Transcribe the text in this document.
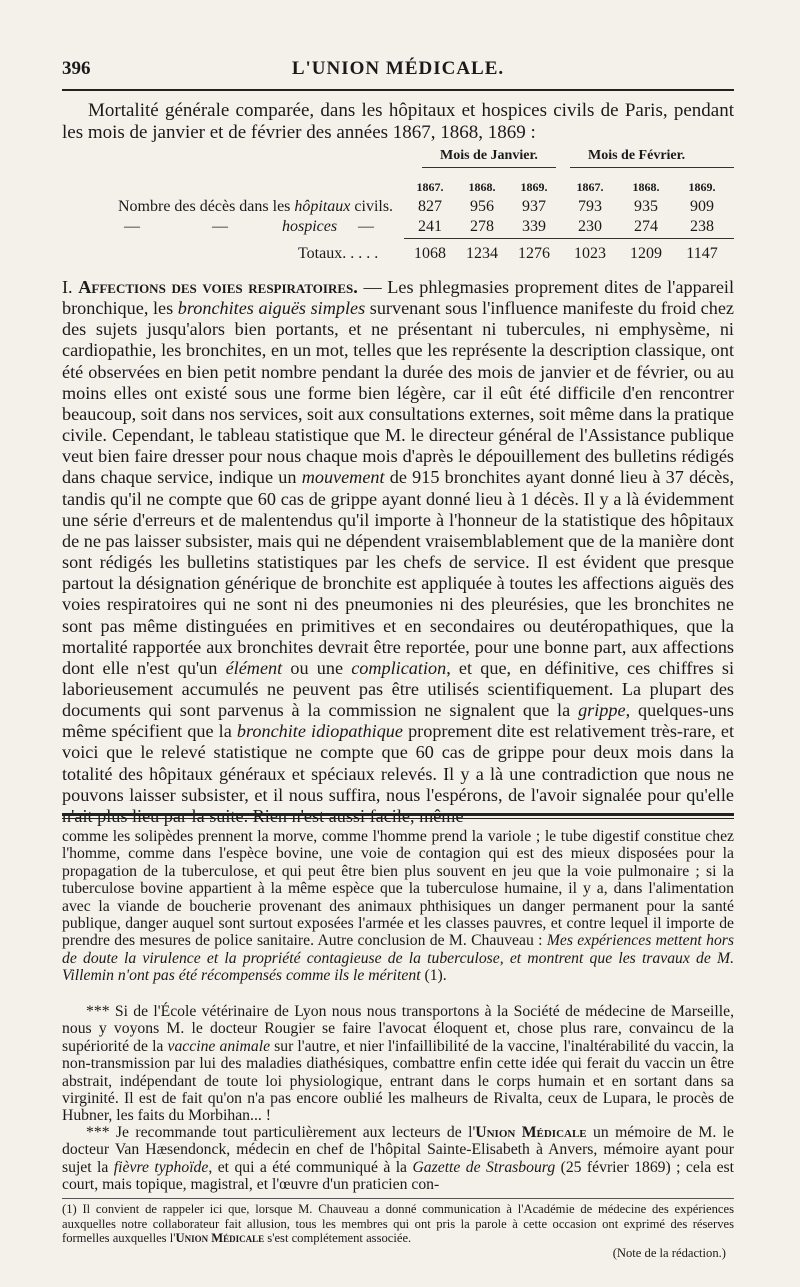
396	L'UNION MÉDICALE.

Mortalité générale comparée, dans les hôpitaux et hospices civils de Paris, pendant les mois de janvier et de février des années 1867, 1868, 1869 :

Mois de Janvier.	Mois de Février.
1867.	1868.	1869.	1867.	1868.	1869.
Nombre des décès dans les hôpitaux civils.	827	956	937	793	935	909
—	—	hospices —	241	278	339	230	274	238
Totaux. . . . .	1068	1234	1276	1023	1209	1147

I. Affections des voies respiratoires. — Les phlegmasies proprement dites de l'appareil bronchique, les bronchites aiguës simples survenant sous l'influence manifeste du froid chez des sujets jusqu'alors bien portants, et ne présentant ni tubercules, ni emphysème, ni cardiopathie, les bronchites, en un mot, telles que les représente la description classique, ont été observées en bien petit nombre pendant la durée des mois de janvier et de février, ou au moins elles ont existé sous une forme bien légère, car il eût été difficile d'en rencontrer beaucoup, soit dans nos services, soit aux consultations externes, soit même dans la pratique civile. Cependant, le tableau statistique que M. le directeur général de l'Assistance publique veut bien faire dresser pour nous chaque mois d'après le dépouillement des bulletins rédigés dans chaque service, indique un mouvement de 915 bronchites ayant donné lieu à 37 décès, tandis qu'il ne compte que 60 cas de grippe ayant donné lieu à 1 décès. Il y a là évidemment une série d'erreurs et de malentendus qu'il importe à l'honneur de la statistique des hôpitaux de ne pas laisser subsister, mais qui ne dépendent vraisemblablement que de la manière dont sont rédigés les bulletins statistiques par les chefs de service. Il est évident que presque partout la désignation générique de bronchite est appliquée à toutes les affections aiguës des voies respiratoires qui ne sont ni des pneumonies ni des pleurésies, que les bronchites ne sont pas même distinguées en primitives et en secondaires ou deutéropathiques, que la mortalité rapportée aux bronchites devrait être reportée, pour une bonne part, aux affections dont elle n'est qu'un élément ou une complication, et que, en définitive, ces chiffres si laborieusement accumulés ne peuvent pas être utilisés scientifiquement. La plupart des documents qui sont parvenus à la commission ne signalent que la grippe, quelques-uns même spécifient que la bronchite idiopathique proprement dite est relativement très-rare, et voici que le relevé statistique ne compte que 60 cas de grippe pour deux mois dans la totalité des hôpitaux généraux et spéciaux relevés. Il y a là une contradiction que nous ne pouvons laisser subsister, et il nous suffira, nous l'espérons, de l'avoir signalée pour qu'elle n'ait plus lieu par la suite. Rien n'est aussi facile, même

comme les solipèdes prennent la morve, comme l'homme prend la variole ; le tube digestif constitue chez l'homme, comme dans l'espèce bovine, une voie de contagion qui est des mieux disposées pour la propagation de la tuberculose, et qui peut être bien plus souvent en jeu que la voie pulmonaire ; si la tuberculose bovine appartient à la même espèce que la tuberculose humaine, il y a, dans l'alimentation avec la viande de boucherie provenant des animaux phthisiques un danger permanent pour la santé publique, danger auquel sont surtout exposées l'armée et les classes pauvres, et contre lequel il importe de prendre des mesures de police sanitaire. Autre conclusion de M. Chauveau : Mes expériences mettent hors de doute la virulence et la propriété contagieuse de la tuberculose, et montrent que les travaux de M. Villemin n'ont pas été récompensés comme ils le méritent (1).

*** Si de l'École vétérinaire de Lyon nous nous transportons à la Société de médecine de Marseille, nous y voyons M. le docteur Rougier se faire l'avocat éloquent et, chose plus rare, convaincu de la supériorité de la vaccine animale sur l'autre, et nier l'infaillibilité de la vaccine, l'inaltérabilité du vaccin, la non-transmission par lui des maladies diathésiques, combattre enfin cette idée qui ferait du vaccin un être abstrait, indépendant de toute loi physiologique, entrant dans le corps humain et en sortant dans sa virginité. Il est de fait qu'on n'a pas encore oublié les malheurs de Rivalta, ceux de Lupara, le procès de Hubner, les faits du Morbihan... !

*** Je recommande tout particulièrement aux lecteurs de l'Union Médicale un mémoire de M. le docteur Van Hæsendonck, médecin en chef de l'hôpital Sainte-Elisabeth à Anvers, mémoire ayant pour sujet la fièvre typhoïde, et qui a été communiqué à la Gazette de Strasbourg (25 février 1869) ; cela est court, mais topique, magistral, et l'œuvre d'un praticien con-

(1) Il convient de rappeler ici que, lorsque M. Chauveau a donné communication à l'Académie de médecine des expériences auxquelles notre collaborateur fait allusion, tous les membres qui ont pris la parole à cette occasion ont exprimé des réserves formelles auxquelles l'Union Médicale s'est complétement associée.
(Note de la rédaction.)
